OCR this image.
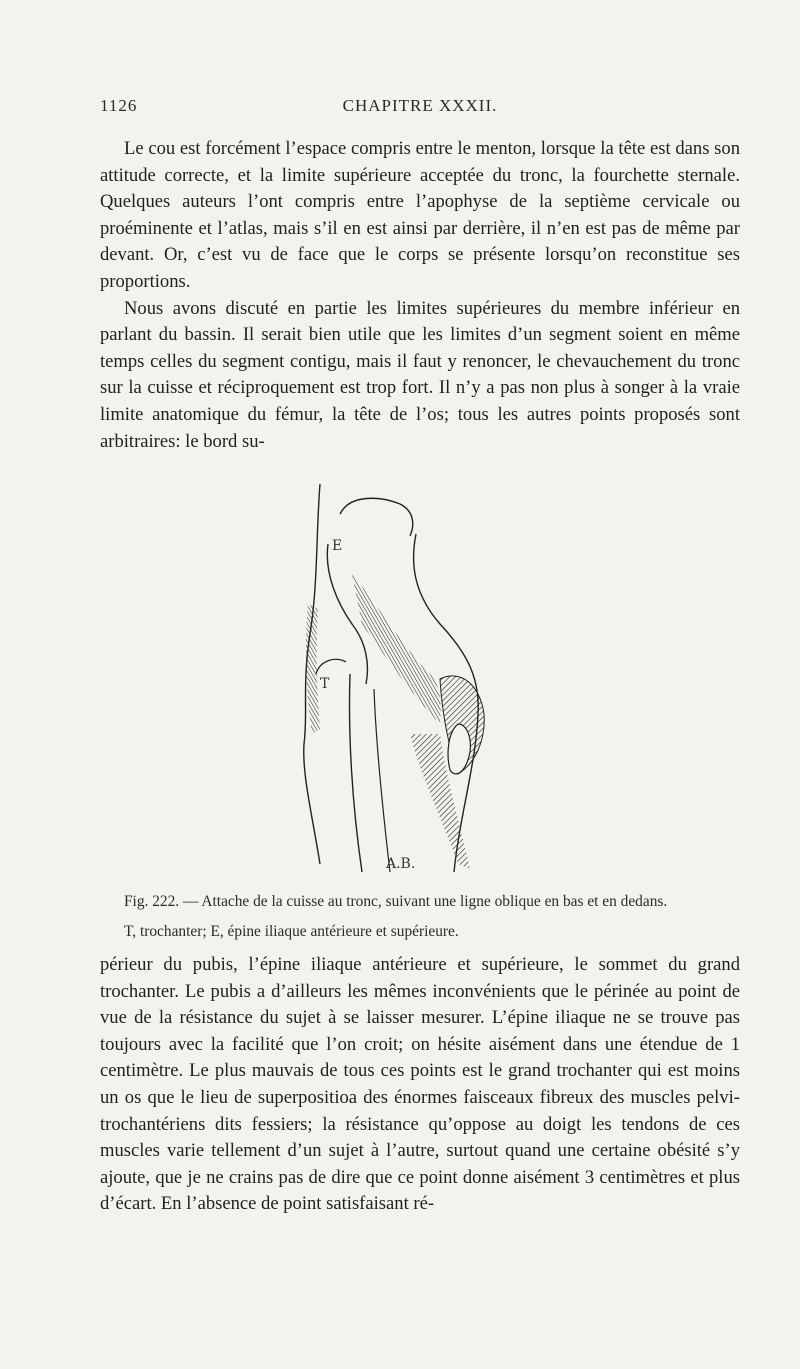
1126	CHAPITRE XXXII.

Le cou est forcément l’espace compris entre le menton, lorsque la tête est dans son attitude correcte, et la limite supérieure acceptée du tronc, la fourchette sternale. Quelques auteurs l’ont compris entre l’apophyse de la septième cervicale ou proéminente et l’atlas, mais s’il en est ainsi par derrière, il n’en est pas de même par devant. Or, c’est vu de face que le corps se présente lorsqu’on reconstitue ses proportions.

Nous avons discuté en partie les limites supérieures du membre inférieur en parlant du bassin. Il serait bien utile que les limites d’un segment soient en même temps celles du segment contigu, mais il faut y renoncer, le chevauchement du tronc sur la cuisse et réciproquement est trop fort. Il n’y a pas non plus à songer à la vraie limite anatomique du fémur, la tête de l’os; tous les autres points proposés sont arbitraires: le bord su-

E
T
A.B.
Fig. 222. — Attache de la cuisse au tronc, suivant une ligne oblique en bas et en dedans.
T, trochanter; E, épine iliaque antérieure et supérieure.

périeur du pubis, l’épine iliaque antérieure et supérieure, le sommet du grand trochanter. Le pubis a d’ailleurs les mêmes inconvénients que le périnée au point de vue de la résistance du sujet à se laisser mesurer. L’épine iliaque ne se trouve pas toujours avec la facilité que l’on croit; on hésite aisément dans une étendue de 1 centimètre. Le plus mauvais de tous ces points est le grand trochanter qui est moins un os que le lieu de superpositioa des énormes faisceaux fibreux des muscles pelvi-trochantériens dits fessiers; la résistance qu’oppose au doigt les tendons de ces muscles varie tellement d’un sujet à l’autre, surtout quand une certaine obésité s’y ajoute, que je ne crains pas de dire que ce point donne aisément 3 centimètres et plus d’écart. En l’absence de point satisfaisant ré-
